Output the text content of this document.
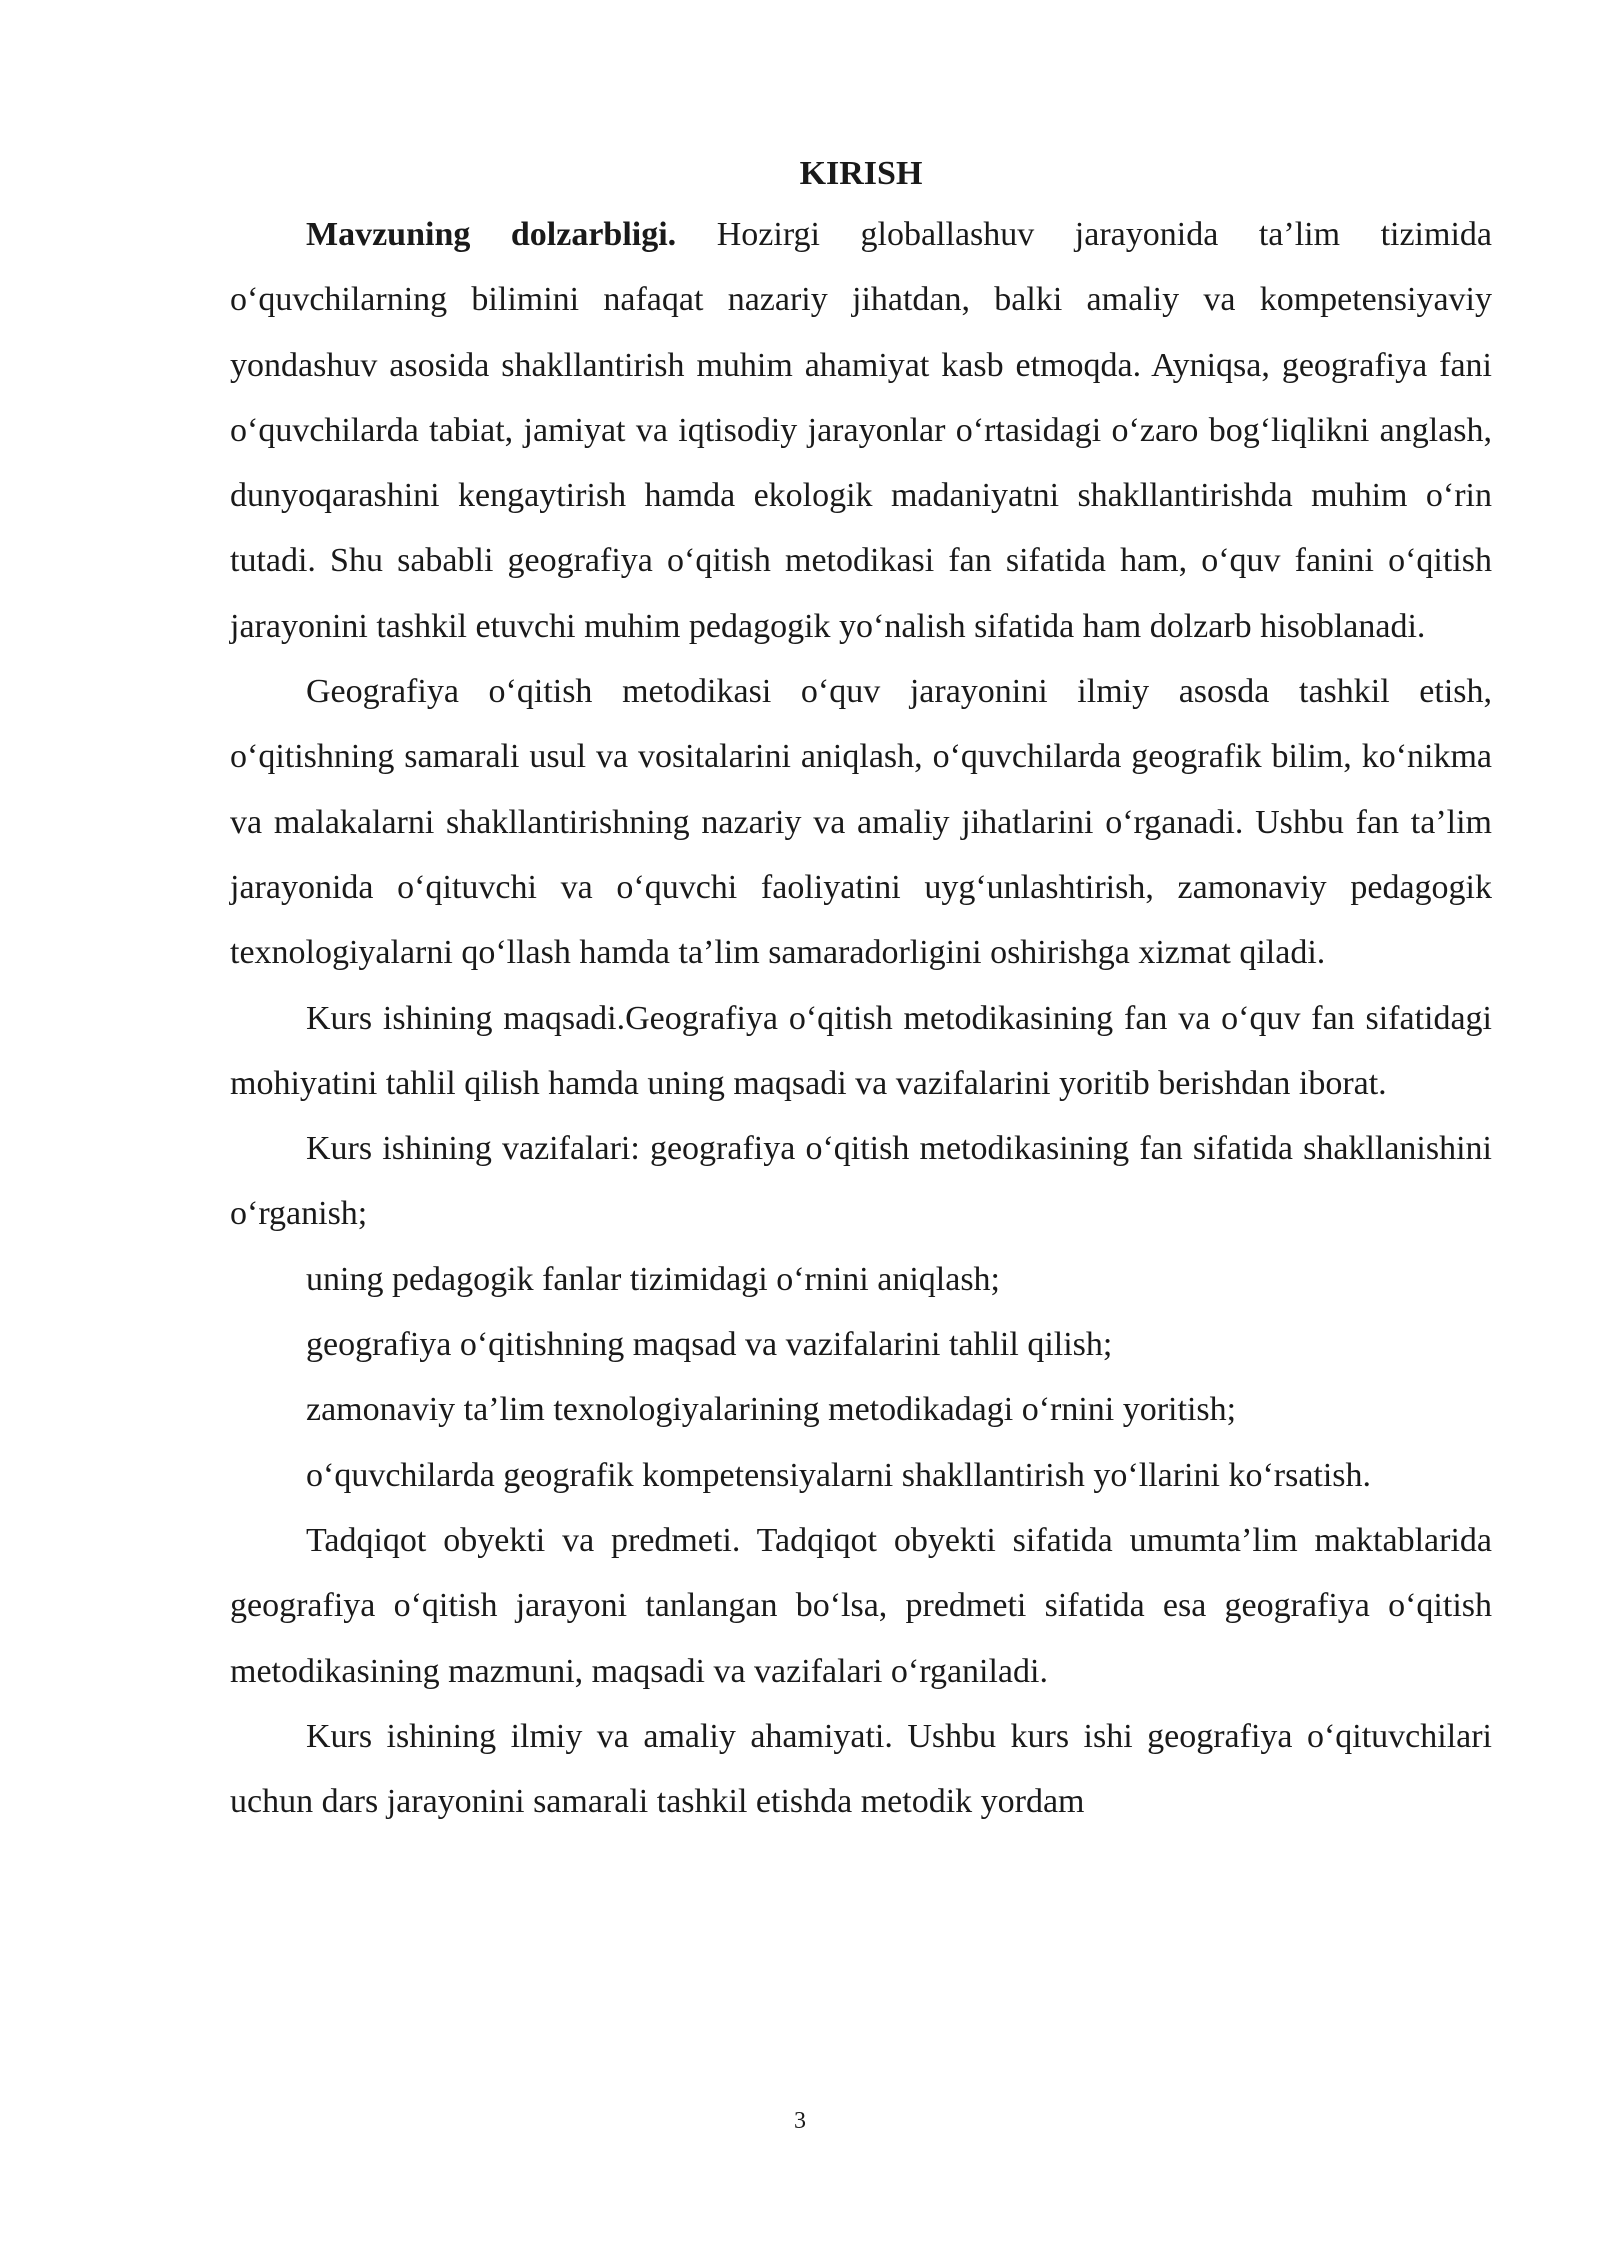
KIRISH

Mavzuning dolzarbligi. Hozirgi globallashuv jarayonida ta’lim tizimida o‘quvchilarning bilimini nafaqat nazariy jihatdan, balki amaliy va kompetensiyaviy yondashuv asosida shakllantirish muhim ahamiyat kasb etmoqda. Ayniqsa, geografiya fani o‘quvchilarda tabiat, jamiyat va iqtisodiy jarayonlar o‘rtasidagi o‘zaro bog‘liqlikni anglash, dunyoqarashini kengaytirish hamda ekologik madaniyatni shakllantirishda muhim o‘rin tutadi. Shu sababli geografiya o‘qitish metodikasi fan sifatida ham, o‘quv fanini o‘qitish jarayonini tashkil etuvchi muhim pedagogik yo‘nalish sifatida ham dolzarb hisoblanadi.

Geografiya o‘qitish metodikasi o‘quv jarayonini ilmiy asosda tashkil etish, o‘qitishning samarali usul va vositalarini aniqlash, o‘quvchilarda geografik bilim, ko‘nikma va malakalarni shakllantirishning nazariy va amaliy jihatlarini o‘rganadi. Ushbu fan ta’lim jarayonida o‘qituvchi va o‘quvchi faoliyatini uyg‘unlashtirish, zamonaviy pedagogik texnologiyalarni qo‘llash hamda ta’lim samaradorligini oshirishga xizmat qiladi.

Kurs ishining maqsadi.Geografiya o‘qitish metodikasining fan va o‘quv fan sifatidagi mohiyatini tahlil qilish hamda uning maqsadi va vazifalarini yoritib berishdan iborat.

Kurs ishining vazifalari: geografiya o‘qitish metodikasining fan sifatida shakllanishini o‘rganish;

uning pedagogik fanlar tizimidagi o‘rnini aniqlash;

geografiya o‘qitishning maqsad va vazifalarini tahlil qilish;

zamonaviy ta’lim texnologiyalarining metodikadagi o‘rnini yoritish;

o‘quvchilarda geografik kompetensiyalarni shakllantirish yo‘llarini ko‘rsatish.

Tadqiqot obyekti va predmeti. Tadqiqot obyekti sifatida umumta’lim maktablarida geografiya o‘qitish jarayoni tanlangan bo‘lsa, predmeti sifatida esa geografiya o‘qitish metodikasining mazmuni, maqsadi va vazifalari o‘rganiladi.

Kurs ishining ilmiy va amaliy ahamiyati. Ushbu kurs ishi geografiya o‘qituvchilari uchun dars jarayonini samarali tashkil etishda metodik yordam

3
